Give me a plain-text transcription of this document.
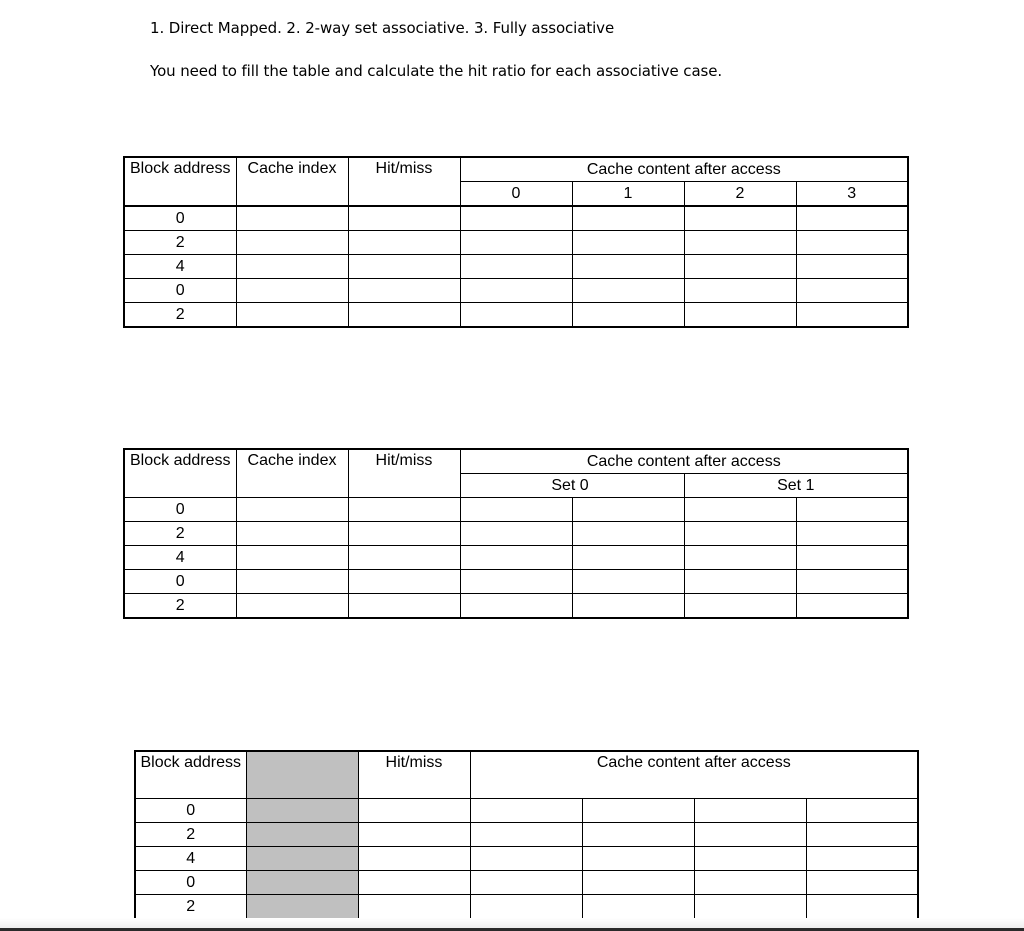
1. Direct Mapped. 2. 2-way set associative. 3. Fully associative
You need to fill the table and calculate the hit ratio for each associative case.
Block address	Cache index	Hit/miss	Cache content after access			
			0	1	2	3
0						
2						
4						
0						
2						
Block address	Cache index	Hit/miss	Cache content after access			
			Set 0		Set 1	
0						
2						
4						
0						
2						
Block address		Hit/miss	Cache content after access			
0						
2						
4						
0						
2						
